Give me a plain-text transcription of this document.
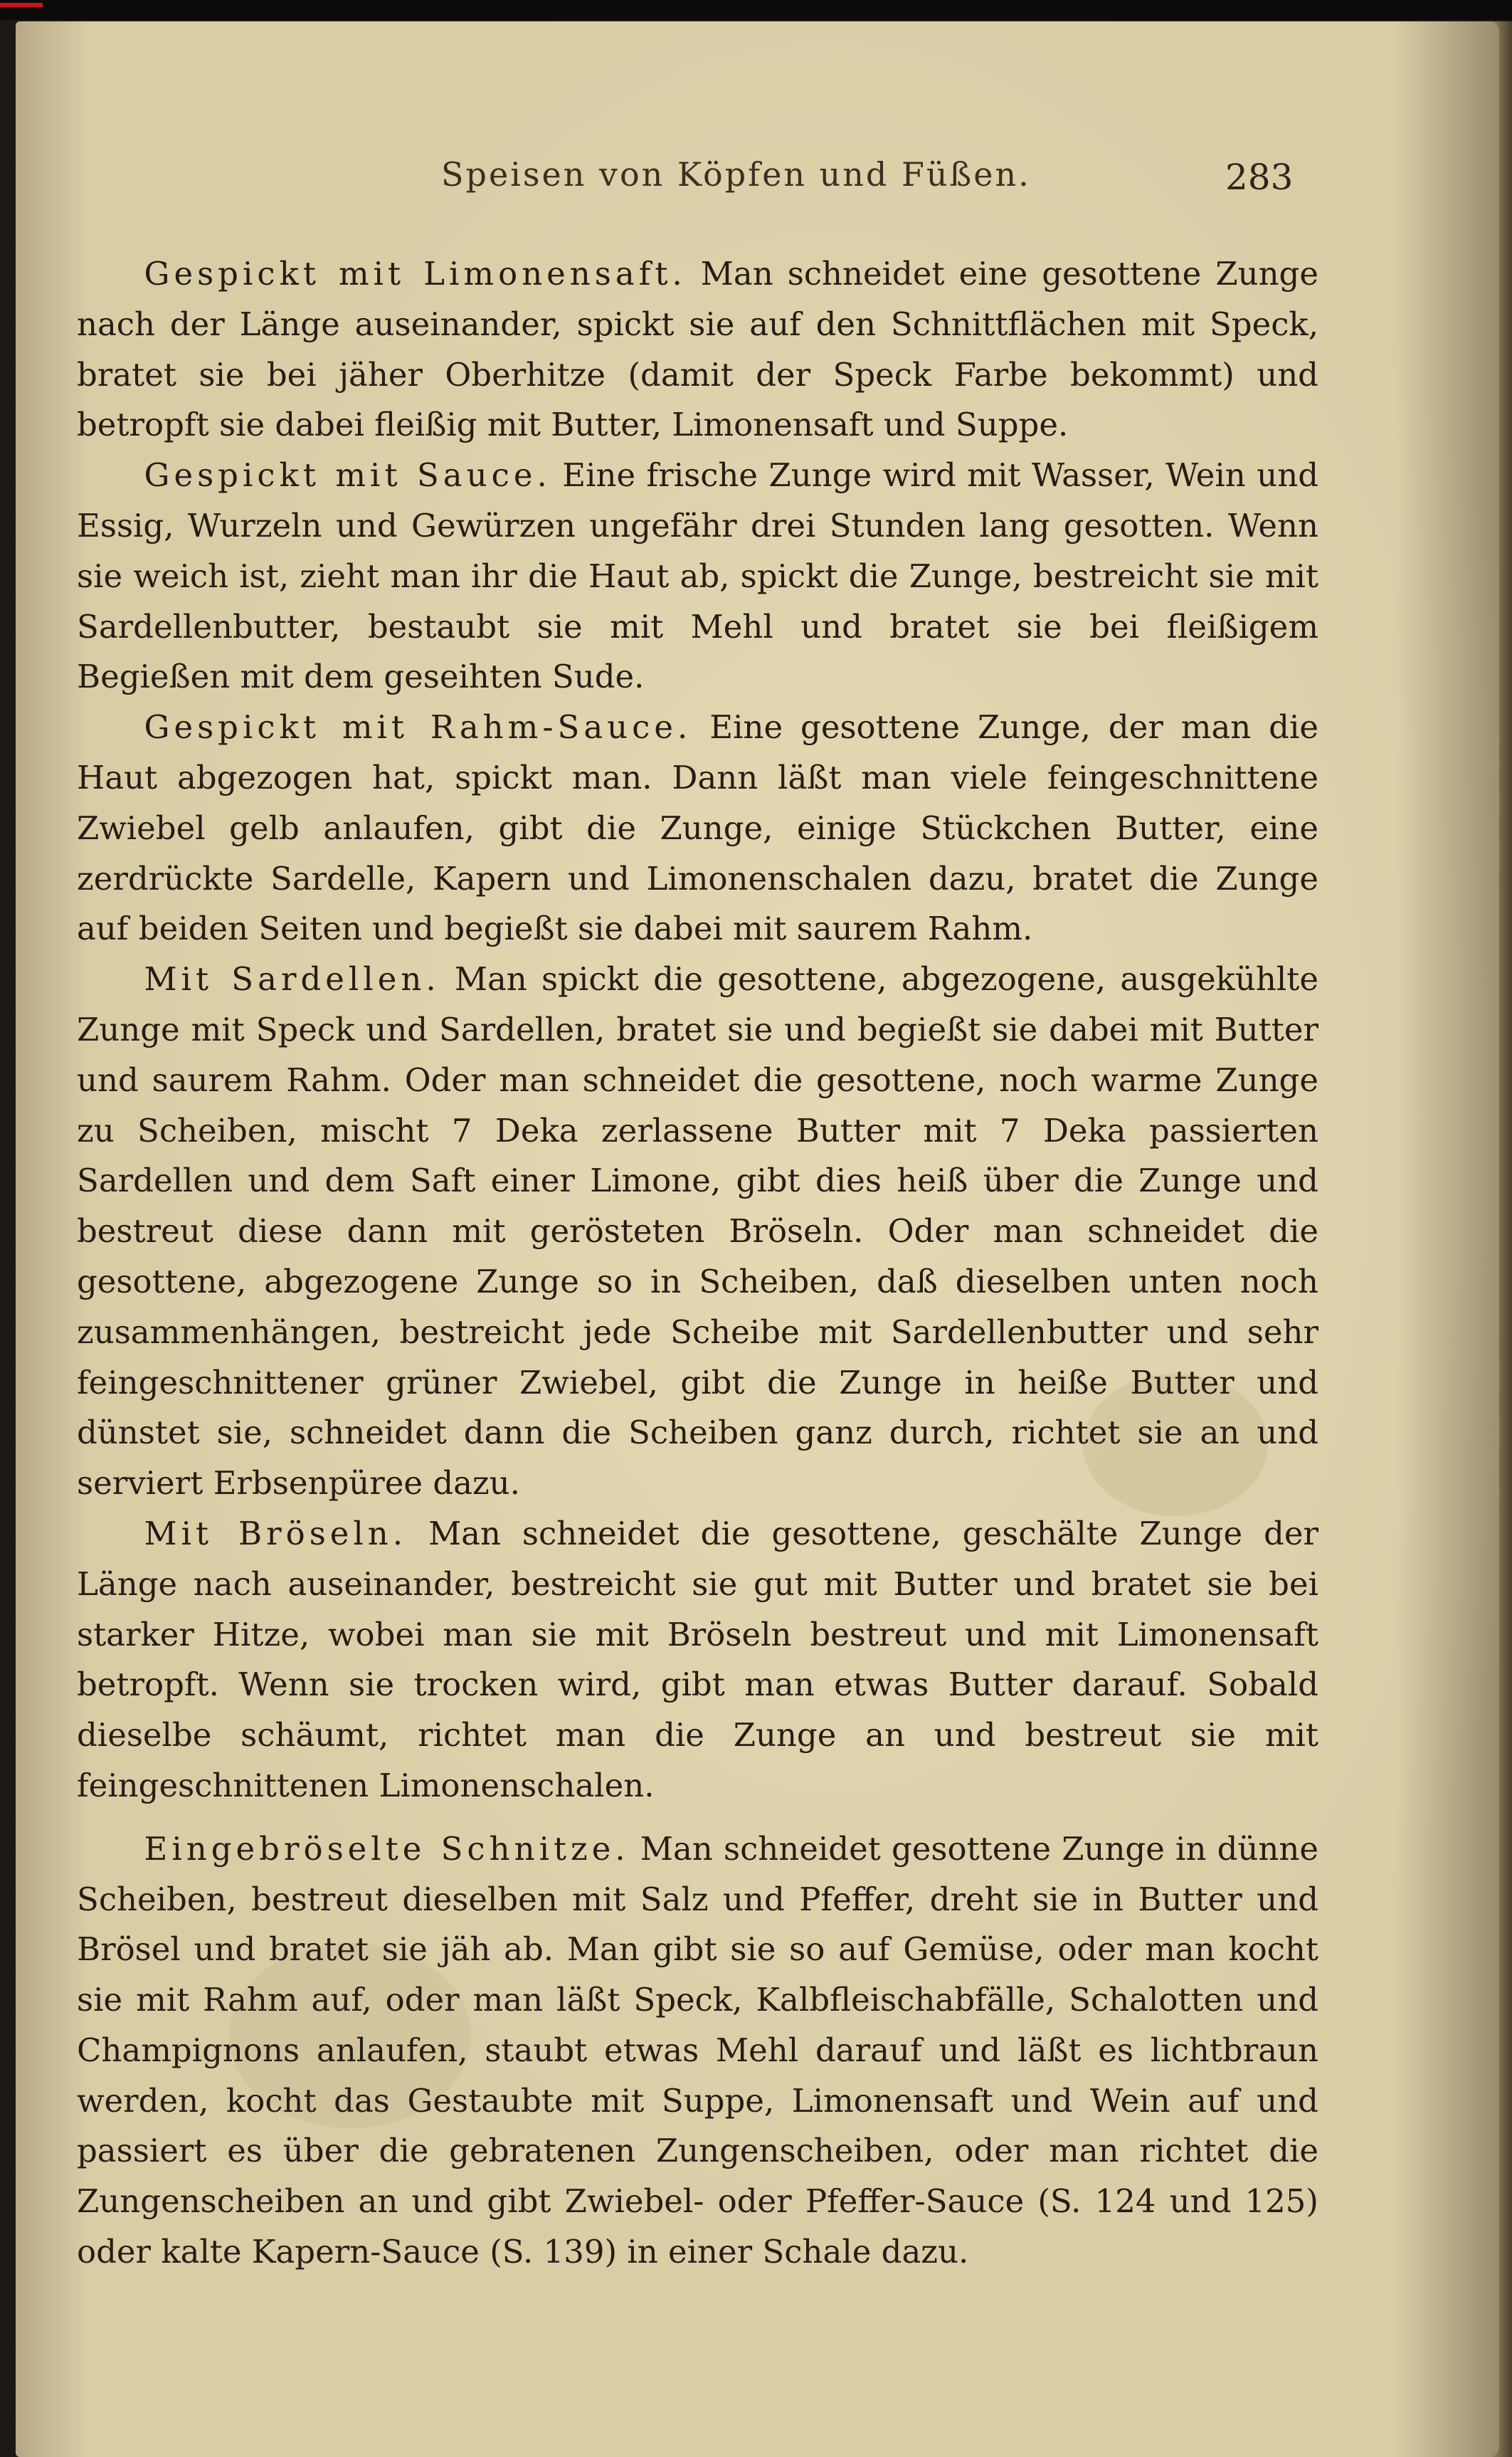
Speisen von Köpfen und Füßen.	283

Gespickt mit Limonensaft. Man schneidet eine gesottene Zunge nach der Länge auseinander, spickt sie auf den Schnittflächen mit Speck, bratet sie bei jäher Oberhitze (damit der Speck Farbe bekommt) und betropft sie dabei fleißig mit Butter, Limonensaft und Suppe.

Gespickt mit Sauce. Eine frische Zunge wird mit Wasser, Wein und Essig, Wurzeln und Gewürzen ungefähr drei Stunden lang gesotten. Wenn sie weich ist, zieht man ihr die Haut ab, spickt die Zunge, bestreicht sie mit Sardellenbutter, bestaubt sie mit Mehl und bratet sie bei fleißigem Begießen mit dem geseihten Sude.

Gespickt mit Rahm-Sauce. Eine gesottene Zunge, der man die Haut abgezogen hat, spickt man. Dann läßt man viele feingeschnittene Zwiebel gelb anlaufen, gibt die Zunge, einige Stückchen Butter, eine zerdrückte Sardelle, Kapern und Limonenschalen dazu, bratet die Zunge auf beiden Seiten und begießt sie dabei mit saurem Rahm.

Mit Sardellen. Man spickt die gesottene, abgezogene, ausgekühlte Zunge mit Speck und Sardellen, bratet sie und begießt sie dabei mit Butter und saurem Rahm. Oder man schneidet die gesottene, noch warme Zunge zu Scheiben, mischt 7 Deka zerlassene Butter mit 7 Deka passierten Sardellen und dem Saft einer Limone, gibt dies heiß über die Zunge und bestreut diese dann mit gerösteten Bröseln. Oder man schneidet die gesottene, abgezogene Zunge so in Scheiben, daß dieselben unten noch zusammenhängen, bestreicht jede Scheibe mit Sardellenbutter und sehr feingeschnittener grüner Zwiebel, gibt die Zunge in heiße Butter und dünstet sie, schneidet dann die Scheiben ganz durch, richtet sie an und serviert Erbsenpüree dazu.

Mit Bröseln. Man schneidet die gesottene, geschälte Zunge der Länge nach auseinander, bestreicht sie gut mit Butter und bratet sie bei starker Hitze, wobei man sie mit Bröseln bestreut und mit Limonensaft betropft. Wenn sie trocken wird, gibt man etwas Butter darauf. Sobald dieselbe schäumt, richtet man die Zunge an und bestreut sie mit feingeschnittenen Limonenschalen.

Eingebröselte Schnitze. Man schneidet gesottene Zunge in dünne Scheiben, bestreut dieselben mit Salz und Pfeffer, dreht sie in Butter und Brösel und bratet sie jäh ab. Man gibt sie so auf Gemüse, oder man kocht sie mit Rahm auf, oder man läßt Speck, Kalbfleischabfälle, Schalotten und Champignons anlaufen, staubt etwas Mehl darauf und läßt es lichtbraun werden, kocht das Gestaubte mit Suppe, Limonensaft und Wein auf und passiert es über die gebratenen Zungenscheiben, oder man richtet die Zungenscheiben an und gibt Zwiebel- oder Pfeffer-Sauce (S. 124 und 125) oder kalte Kapern-Sauce (S. 139) in einer Schale dazu.
